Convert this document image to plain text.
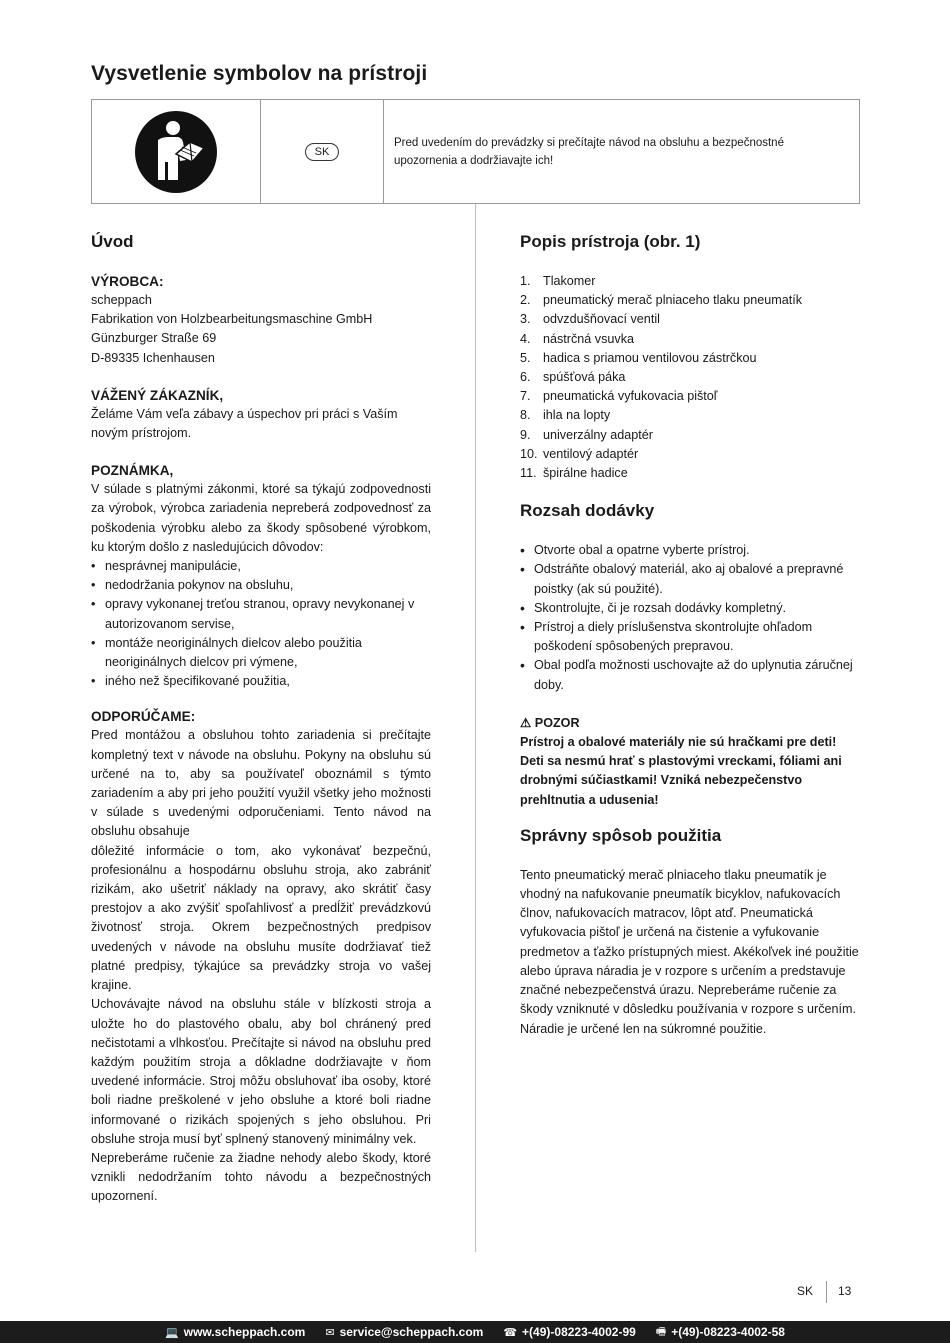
Vysvetlenie symbolov na prístroji
SK
Pred uvedením do prevádzky si prečítajte návod na obsluhu a bezpečnostné upozornenia a dodržiavajte ich!
Úvod
VÝROBCA:
scheppach
Fabrikation von Holzbearbeitungsmaschine GmbH
Günzburger Straße 69
D-89335 Ichenhausen
VÁŽENÝ ZÁKAZNÍK,

Želáme Vám veľa zábavy a úspechov pri práci s Vaším novým prístrojom.

POZNÁMKA,

V súlade s platnými zákonmi, ktoré sa týkajú zodpovednosti za výrobok, výrobca zariadenia nepreberá zodpovednosť za poškodenia výrobku alebo za škody spôsobené výrobkom, ku ktorým došlo z nasledujúcich dôvodov:

• nesprávnej manipulácie,
• nedodržania pokynov na obsluhu,
• opravy vykonanej treťou stranou, opravy nevykonanej v autorizovanom servise,
• montáže neoriginálnych dielcov alebo použitia neoriginálnych dielcov pri výmene,
• iného než špecifikované použitia,
ODPORÚČAME:

Pred montážou a obsluhou tohto zariadenia si prečítajte kompletný text v návode na obsluhu. Pokyny na obsluhu sú určené na to, aby sa používateľ oboznámil s týmto zariadením a aby pri jeho použití využil všetky jeho možnosti v súlade s uvedenými odporučeniami. Tento návod na obsluhu obsahuje

dôležité informácie o tom, ako vykonávať bezpečnú, profesionálnu a hospodárnu obsluhu stroja, ako zabrániť rizikám, ako ušetriť náklady na opravy, ako skrátiť časy prestojov a ako zvýšiť spoľahlivosť a predĺžiť prevádzkovú životnosť stroja. Okrem bezpečnostných predpisov uvedených v návode na obsluhu musíte dodržiavať tiež platné predpisy, týkajúce sa prevádzky stroja vo vašej krajine.

Uchovávajte návod na obsluhu stále v blízkosti stroja a uložte ho do plastového obalu, aby bol chránený pred nečistotami a vlhkosťou. Prečítajte si návod na obsluhu pred každým použitím stroja a dôkladne dodržiavajte v ňom uvedené informácie. Stroj môžu obsluhovať iba osoby, ktoré boli riadne preškolené v jeho obsluhe a ktoré boli riadne informované o rizikách spojených s jeho obsluhou. Pri obsluhe stroja musí byť splnený stanovený minimálny vek.

Nepreberáme ručenie za žiadne nehody alebo škody, ktoré vznikli nedodržaním tohto návodu a bezpečnostných upozornení.

Popis prístroja (obr. 1)
1. Tlakomer
2. pneumatický merač plniaceho tlaku pneumatík
3. odvzdušňovací ventil
4. nástrčná vsuvka
5. hadica s priamou ventilovou zástrčkou
6. spúšťová páka
7. pneumatická vyfukovacia pištoľ
8. ihla na lopty
9. univerzálny adaptér
10. ventilový adaptér
11. špirálne hadice
Rozsah dodávky
• Otvorte obal a opatrne vyberte prístroj.
• Odstráňte obalový materiál, ako aj obalové a prepravné poistky (ak sú použité).
• Skontrolujte, či je rozsah dodávky kompletný.
• Prístroj a diely príslušenstva skontrolujte ohľadom poškodení spôsobených prepravou.
• Obal podľa možnosti uschovajte až do uplynutia záručnej doby.
⚠ POZOR

Prístroj a obalové materiály nie sú hračkami pre deti! Deti sa nesmú hrať s plastovými vreckami, fóliami ani drobnými súčiastkami! Vzniká nebezpečenstvo prehltnutia a udusenia!

Správny spôsob použitia

Tento pneumatický merač plniaceho tlaku pneumatík je vhodný na nafukovanie pneumatík bicyklov, nafukovacích člnov, nafukovacích matracov, lôpt atď. Pneumatická vyfukovacia pištoľ je určená na čistenie a vyfukovanie predmetov a ťažko prístupných miest. Akékoľvek iné použitie alebo úprava náradia je v rozpore s určením a predstavuje značné nebezpečenstvá úrazu. Nepreberáme ručenie za škody vzniknuté v dôsledku používania v rozpore s určením. Náradie je určené len na súkromné použitie.

SK 13
💻 www.scheppach.com ✉ service@scheppach.com ☎ +(49)-08223-4002-99 🖷 +(49)-08223-4002-58
